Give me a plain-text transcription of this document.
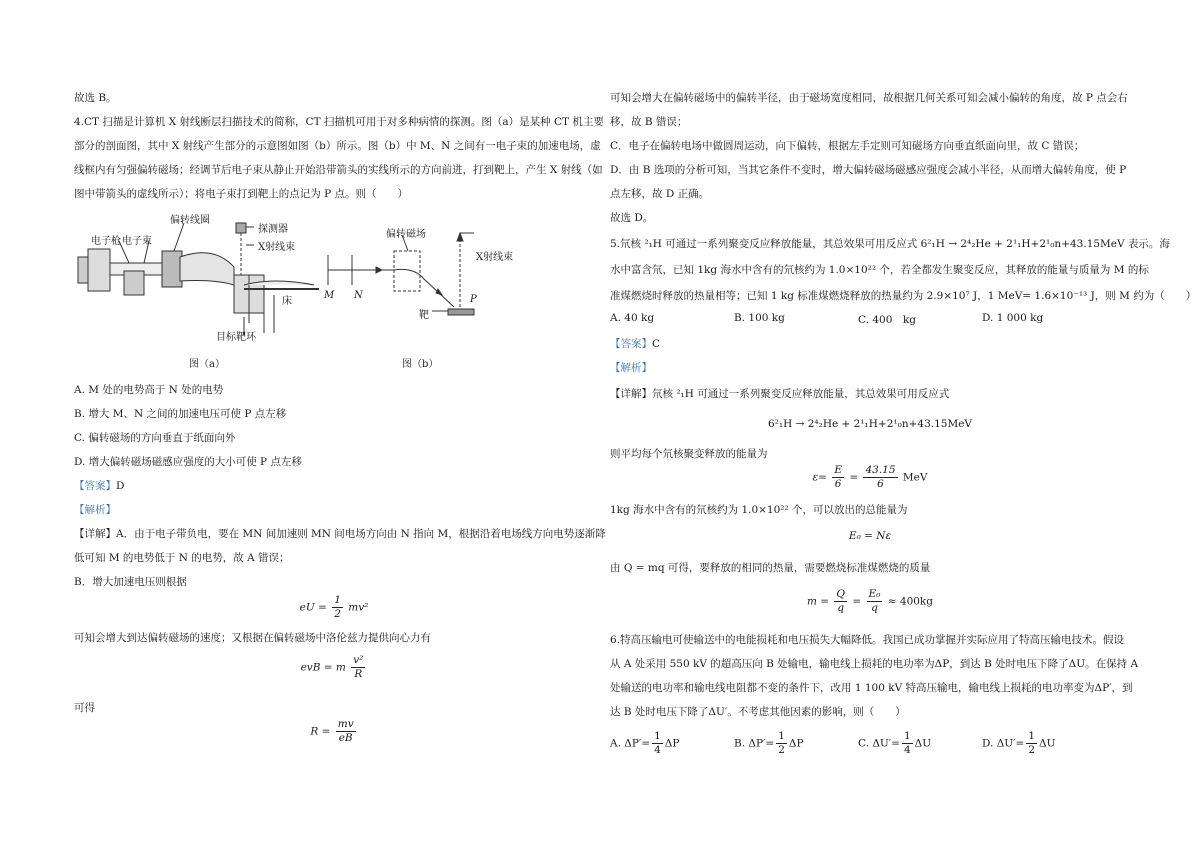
故选 B。
4.CT 扫描是计算机 X 射线断层扫描技术的简称，CT 扫描机可用于对多种病情的探测。图（a）是某种 CT 机主要
部分的剖面图，其中 X 射线产生部分的示意图如图（b）所示。图（b）中 M、N 之间有一电子束的加速电场，虚
线框内有匀强偏转磁场；经调节后电子束从静止开始沿带箭头的实线所示的方向前进，打到靶上，产生 X 射线（如
图中带箭头的虚线所示）；将电子束打到靶上的点记为 P 点。则（　　）
电子枪 电子束
偏转线圈
探测器
X射线束
床
目标靶环
图（a）
偏转磁场
X射线束
M N	P
靶
图（b）
A. M 处的电势高于 N 处的电势
B. 增大 M、N 之间的加速电压可使 P 点左移
C. 偏转磁场的方向垂直于纸面向外
D. 增大偏转磁场磁感应强度的大小可使 P 点左移
【答案】D
【解析】
【详解】A．由于电子带负电，要在 MN 间加速则 MN 间电场方向由 N 指向 M，根据沿着电场线方向电势逐渐降
低可知 M 的电势低于 N 的电势，故 A 错误；
B．增大加速电压则根据
eU = $\frac{1}{2} mv^2$
可知会增大到达偏转磁场的速度；又根据在偏转磁场中洛伦兹力提供向心力有
evB = m $\frac{\text{v²}}{R}$
可得
$R = \frac{mv}{eB}$
可知会增大在偏转磁场中的偏转半径，由于磁场宽度相同，故根据几何关系可知会减小偏转的角度，故 P 点会右
移，故 B 错误；
C．电子在偏转电场中做圆周运动，向下偏转，根据左手定则可知磁场方向垂直纸面向里，故 C 错误；
D．由 B 选项的分析可知，当其它条件不变时，增大偏转磁场磁感应强度会减小半径，从而增大偏转角度，使 P
点左移，故 D 正确。
故选 D。
5.氘核 ²₁H 可通过一系列聚变反应释放能量，其总效果可用反应式 6²₁H → 2⁴₂He + 2¹₁H+2¹₀n+43.15MeV 表示。海
水中富含氘，已知 1kg 海水中含有的氘核约为 1.0×10²² 个，若全都发生聚变反应，其释放的能量与质量为 M 的标
准煤燃烧时释放的热量相等；已知 1 kg 标准煤燃烧释放的热量约为 2.9×10⁷ J，1 MeV= 1.6×10⁻¹³ J，则 M 约为（　　）
A. 40 kg	B. 100 kg	C. 400　kg	D. 1 000 kg
【答案】C
【解析】
【详解】氘核 ²₁H 可通过一系列聚变反应释放能量，其总效果可用反应式
6²₁H → 2⁴₂He + 2¹₁H+2¹₀n+43.15MeV
则平均每个氘核聚变释放的能量为
$\varepsilon= \frac{E}{6} = \frac{43.15}{6}$ MeV
1kg 海水中含有的氘核约为 1.0×10²² 个，可以放出的总能量为
E₀ = Nε
由 Q = mq 可得，要释放的相同的热量，需要燃烧标准煤燃烧的质量
$m = \frac{Q}{q} = \frac{\text{E₀}}{q} \approx 400kg$
6.特高压输电可使输送中的电能损耗和电压损失大幅降低。我国已成功掌握并实际应用了特高压输电技术。假设
从 A 处采用 550 kV 的超高压向 B 处输电，输电线上损耗的电功率为ΔP，到达 B 处时电压下降了ΔU。在保持 A
处输送的电功率和输电线电阻都不变的条件下，改用 1 100 kV 特高压输电，输电线上损耗的电功率变为ΔP′，到
达 B 处时电压下降了ΔU′。不考虑其他因素的影响，则（　　）
A. $\Delta P'= \frac{1}{4}$ ΔP	B. $\Delta P'= \frac{1}{2}$ ΔP	C. $\Delta U'= \frac{1}{4}$ ΔU	D. $\Delta U'= \frac{1}{2}$ ΔU
